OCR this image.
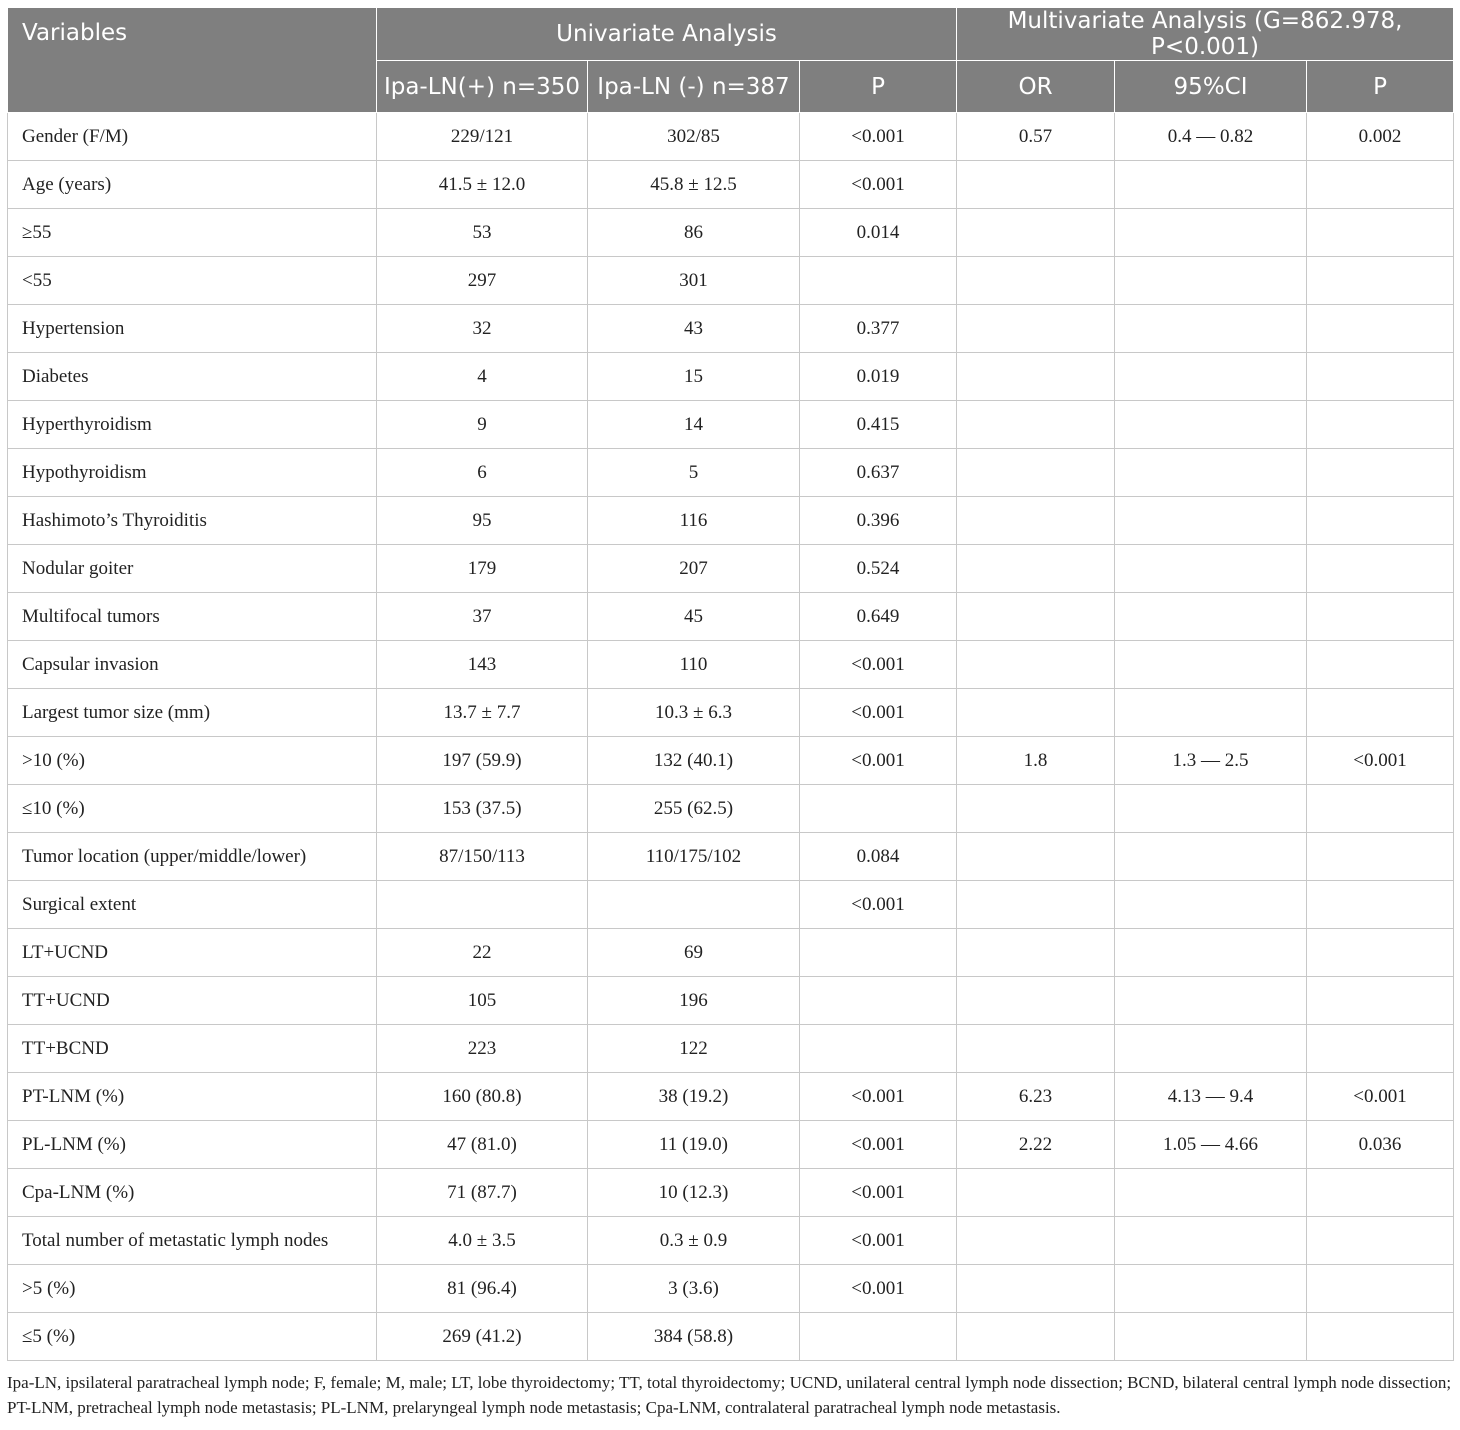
Variables	Univariate Analysis			Multivariate Analysis (G=862.978, P<0.001)		
	Ipa-LN(+) n=350	Ipa-LN (-) n=387	P	OR	95%CI	P
Gender (F/M)	229/121	302/85	<0.001	0.57	0.4 — 0.82	0.002
Age (years)	41.5 ± 12.0	45.8 ± 12.5	<0.001			
≥55	53	86	0.014			
<55	297	301				
Hypertension	32	43	0.377			
Diabetes	4	15	0.019			
Hyperthyroidism	9	14	0.415			
Hypothyroidism	6	5	0.637			
Hashimoto’s Thyroiditis	95	116	0.396			
Nodular goiter	179	207	0.524			
Multifocal tumors	37	45	0.649			
Capsular invasion	143	110	<0.001			
Largest tumor size (mm)	13.7 ± 7.7	10.3 ± 6.3	<0.001			
>10 (%)	197 (59.9)	132 (40.1)	<0.001	1.8	1.3 — 2.5	<0.001
≤10 (%)	153 (37.5)	255 (62.5)				
Tumor location (upper/middle/lower)	87/150/113	110/175/102	0.084			
Surgical extent			<0.001			
LT+UCND	22	69				
TT+UCND	105	196				
TT+BCND	223	122				
PT-LNM (%)	160 (80.8)	38 (19.2)	<0.001	6.23	4.13 — 9.4	<0.001
PL-LNM (%)	47 (81.0)	11 (19.0)	<0.001	2.22	1.05 — 4.66	0.036
Cpa-LNM (%)	71 (87.7)	10 (12.3)	<0.001			
Total number of metastatic lymph nodes	4.0 ± 3.5	0.3 ± 0.9	<0.001			
>5 (%)	81 (96.4)	3 (3.6)	<0.001			
≤5 (%)	269 (41.2)	384 (58.8)				
Ipa-LN, ipsilateral paratracheal lymph node; F, female; M, male; LT, lobe thyroidectomy; TT, total thyroidectomy; UCND, unilateral central lymph node dissection; BCND, bilateral central lymph node dissection; PT-LNM, pretracheal lymph node metastasis; PL-LNM, prelaryngeal lymph node metastasis; Cpa-LNM, contralateral paratracheal lymph node metastasis.
